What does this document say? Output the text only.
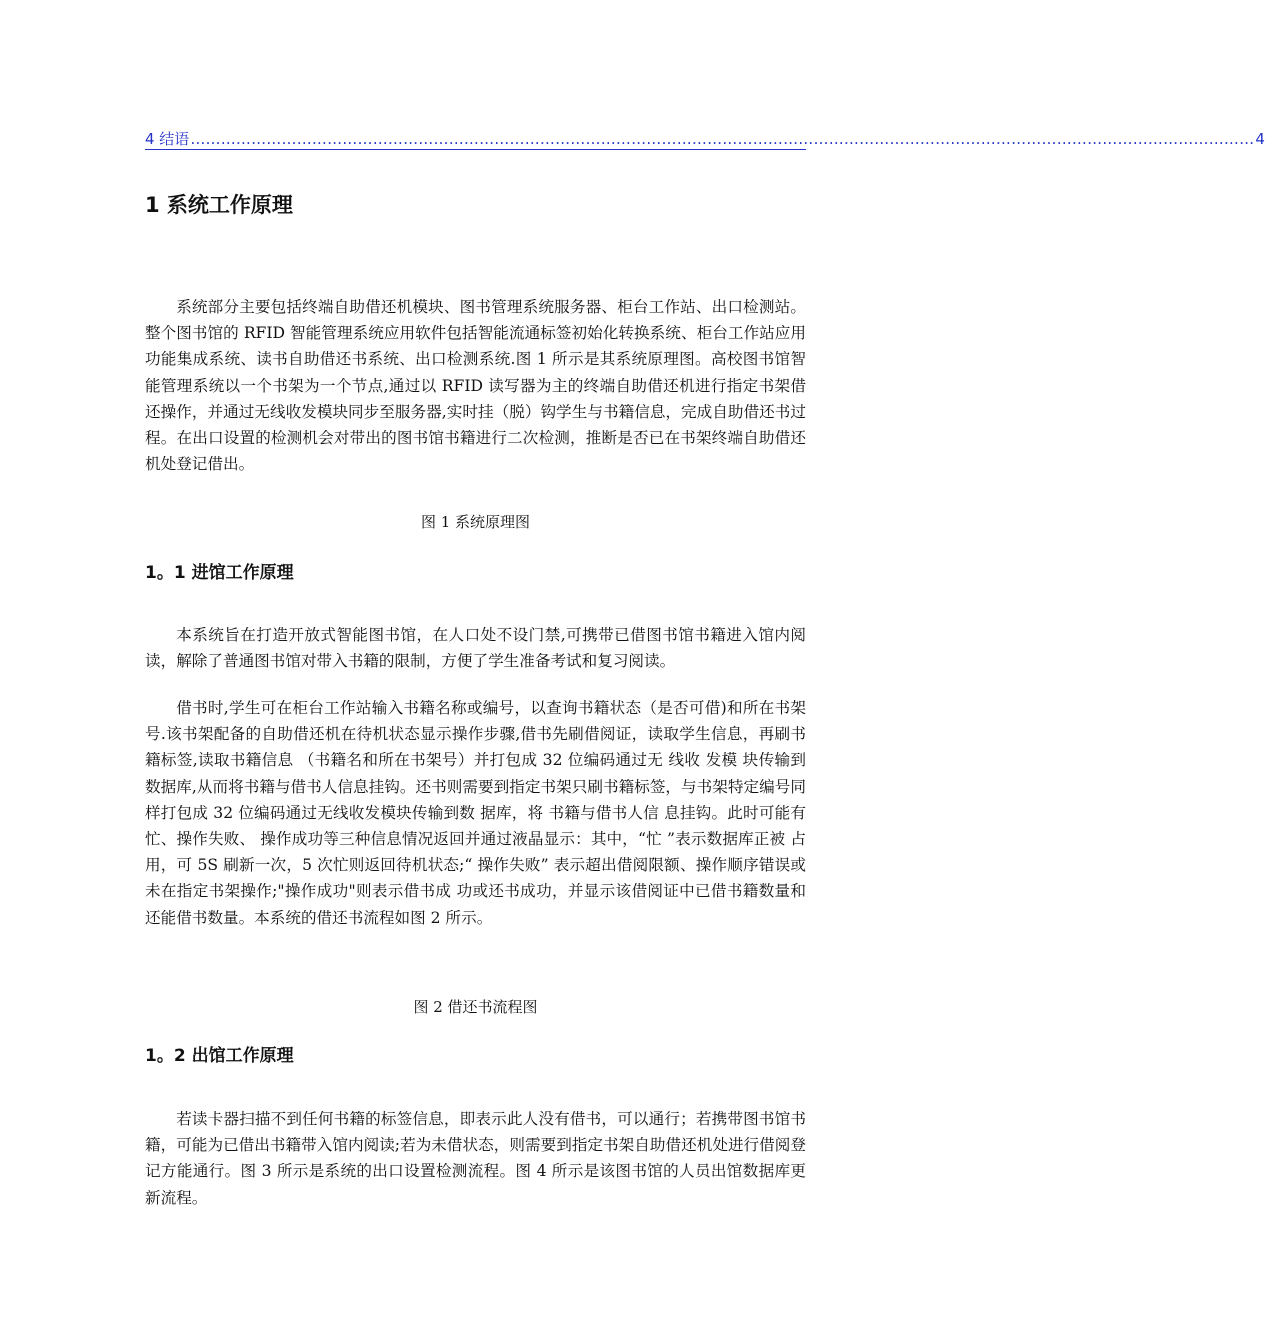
4 结语 ………………………………………………………………………………………………………………………………………………………………………………………… 4
1 系统工作原理

系统部分主要包括终端自助借还机模块、图书管理系统服务器、柜台工作站、出口检测站。整个图书馆的 RFID 智能管理系统应用软件包括智能流通标签初始化转换系统、柜台工作站应用功能集成系统、读书自助借还书系统、出口检测系统.图 1 所示是其系统原理图。高校图书馆智能管理系统以一个书架为一个节点,通过以 RFID 读写器为主的终端自助借还机进行指定书架借还操作，并通过无线收发模块同步至服务器,实时挂（脱）钩学生与书籍信息，完成自助借还书过程。在出口设置的检测机会对带出的图书馆书籍进行二次检测，推断是否已在书架终端自助借还机处登记借出。

图 1 系统原理图

1。1 进馆工作原理

本系统旨在打造开放式智能图书馆，在人口处不设门禁,可携带已借图书馆书籍进入馆内阅读，解除了普通图书馆对带入书籍的限制，方便了学生准备考试和复习阅读。

借书时,学生可在柜台工作站输入书籍名称或编号，以查询书籍状态（是否可借)和所在书架号.该书架配备的自助借还机在待机状态显示操作步骤,借书先刷借阅证，读取学生信息，再刷书籍标签,读取书籍信息 （书籍名和所在书架号）并打包成 32 位编码通过无 线收 发模 块传输到数据库,从而将书籍与借书人信息挂钩。还书则需要到指定书架只刷书籍标签，与书架特定编号同样打包成 32 位编码通过无线收发模块传输到数 据库，将 书籍与借书人信 息挂钩。此时可能有忙、操作失败、 操作成功等三种信息情况返回并通过液晶显示：其中，“忙 ”表示数据库正被 占用，可 5S 刷新一次，5 次忙则返回待机状态;“ 操作失败” 表示超出借阅限额、操作顺序错误或未在指定书架操作;"操作成功"则表示借书成 功或还书成功，并显示该借阅证中已借书籍数量和还能借书数量。本系统的借还书流程如图 2 所示。

图 2 借还书流程图

1。2 出馆工作原理

若读卡器扫描不到任何书籍的标签信息，即表示此人没有借书，可以通行；若携带图书馆书籍，可能为已借出书籍带入馆内阅读;若为未借状态，则需要到指定书架自助借还机处进行借阅登记方能通行。图 3 所示是系统的出口设置检测流程。图 4 所示是该图书馆的人员出馆数据库更新流程。
